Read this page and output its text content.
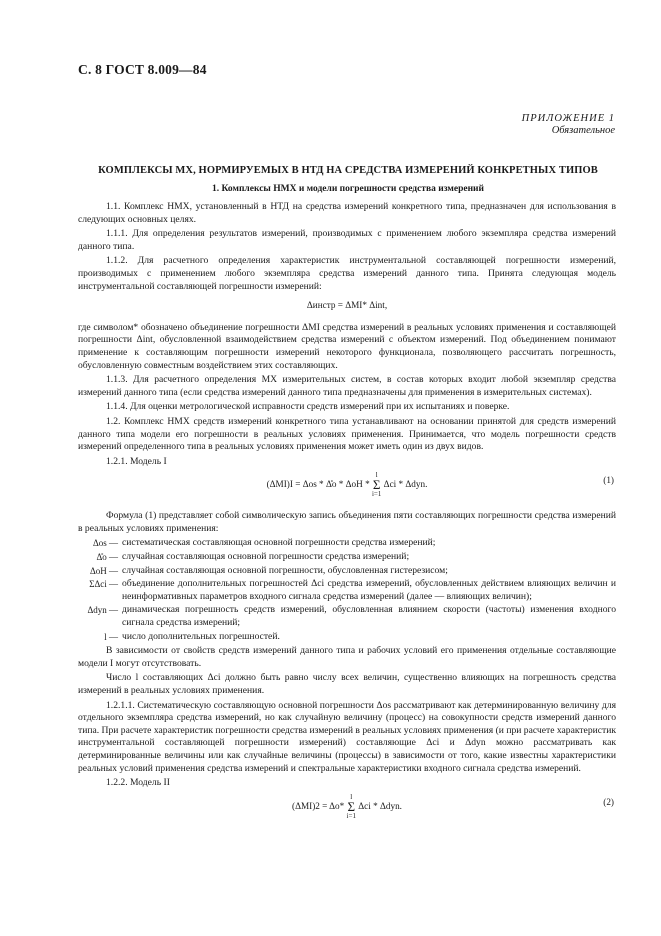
С. 8 ГОСТ 8.009—84
ПРИЛОЖЕНИЕ 1
Обязательное
КОМПЛЕКСЫ МХ, НОРМИРУЕМЫХ В НТД НА СРЕДСТВА ИЗМЕРЕНИЙ КОНКРЕТНЫХ ТИПОВ
1. Комплексы НМХ и модели погрешности средства измерений

1.1. Комплекс НМХ, установленный в НТД на средства измерений конкретного типа, предназначен для использования в следующих основных целях.

1.1.1. Для определения результатов измерений, производимых с применением любого экземпляра средства измерений данного типа.

1.1.2. Для расчетного определения характеристик инструментальной составляющей погрешности измерений, производимых с применением любого экземпляра средства измерений данного типа. Принята следующая модель инструментальной составляющей погрешности измерений:

Δинстр = ΔMI* Δint,

где символом* обозначено объединение погрешности ΔMI средства измерений в реальных условиях применения и составляющей погрешности Δint, обусловленной взаимодействием средства измерений с объектом измерений. Под объединением понимают применение к составляющим погрешности измерений некоторого функционала, позволяющего рассчитать погрешность, обусловленную совместным воздействием этих составляющих.

1.1.3. Для расчетного определения МХ измерительных систем, в состав которых входит любой экземпляр средства измерений данного типа (если средства измерений данного типа предназначены для применения в измерительных системах).

1.1.4. Для оценки метрологической исправности средств измерений при их испытаниях и поверке.

1.2. Комплекс НМХ средств измерений конкретного типа устанавливают на основании принятой для средств измерений данного типа модели его погрешности в реальных условиях применения. Принимается, что модель погрешности средств измерений определенного типа в реальных условиях применения может иметь один из двух видов.

1.2.1. Модель I

(ΔMI)I = Δos * Δ̊o * ΔoH * l
Σ
i=1 Δci * Δdyn.	(1)

Формула (1) представляет собой символическую запись объединения пяти составляющих погрешности средства измерений в реальных условиях применения:

Δos — систематическая составляющая основной погрешности средства измерений;
Δ̊o — случайная составляющая основной погрешности средства измерений;
ΔoH — случайная составляющая основной погрешности, обусловленная гистерезисом;
ΣΔci — объединение дополнительных погрешностей Δci средства измерений, обусловленных действием влияющих величин и неинформативных параметров входного сигнала средства измерений (далее — влияющих величин);
Δdyn — динамическая погрешность средств измерений, обусловленная влиянием скорости (частоты) изменения входного сигнала средства измерений;
l — число дополнительных погрешностей.

В зависимости от свойств средств измерений данного типа и рабочих условий его применения отдельные составляющие модели I могут отсутствовать.

Число l составляющих Δci должно быть равно числу всех величин, существенно влияющих на погрешность средства измерений в реальных условиях применения.

1.2.1.1. Систематическую составляющую основной погрешности Δos рассматривают как детерминированную величину для отдельного экземпляра средства измерений, но как случайную величину (процесс) на совокупности средств измерений данного типа. При расчете характеристик погрешности средства измерений в реальных условиях применения (и при расчете характеристик инструментальной составляющей погрешности измерений) составляющие Δci и Δdyn можно рассматривать как детерминированные величины или как случайные величины (процессы) в зависимости от того, какие известны характеристики реальных условий применения средства измерений и спектральные характеристики входного сигнала средства измерений.

1.2.2. Модель II

(ΔMI)2 = Δo* l
Σ
i=1 Δci * Δdyn.	(2)
